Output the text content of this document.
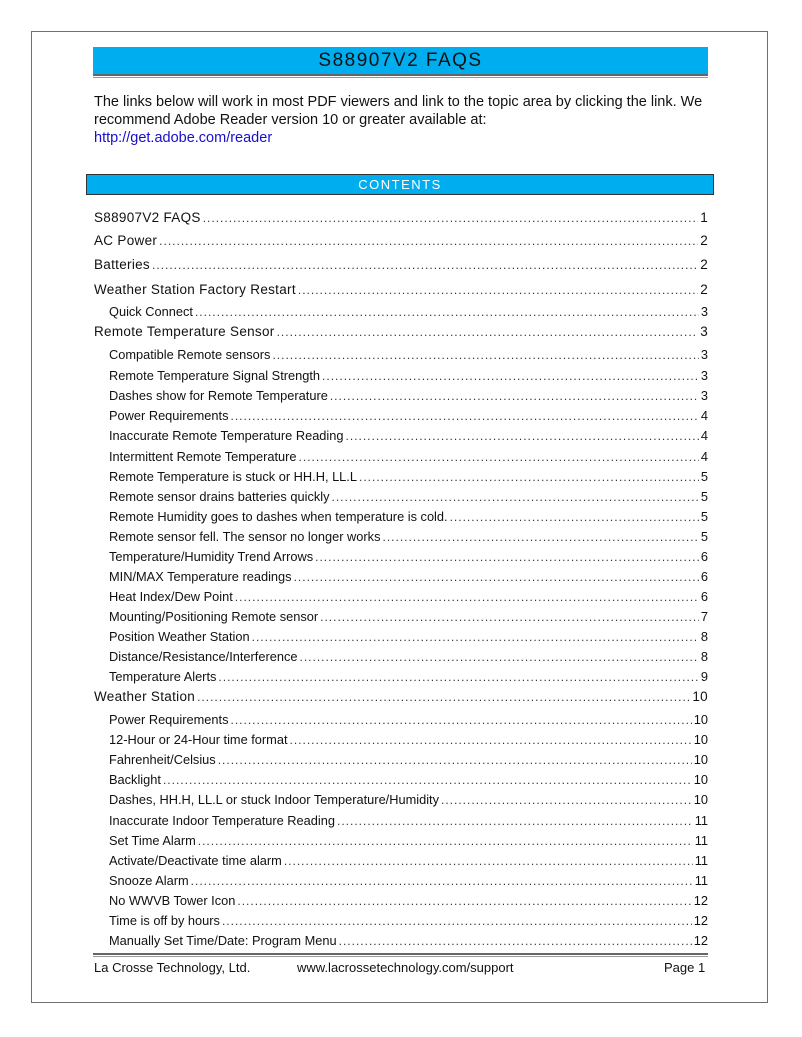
S88907V2 FAQS
The links below will work in most PDF viewers and link to the topic area by clicking the link. We recommend Adobe Reader version 10 or greater available at:
http://get.adobe.com/reader
CONTENTS
S88907V2 FAQS .....	1
AC Power .....	2
Batteries .....	2
Weather Station Factory Restart .....	2
Quick Connect .....	3
Remote Temperature Sensor .....	3
Compatible Remote sensors .....	3
Remote Temperature Signal Strength .....	3
Dashes show for Remote Temperature .....	3
Power Requirements .....	4
Inaccurate Remote Temperature Reading .....	4
Intermittent Remote Temperature .....	4
Remote Temperature is stuck or HH.H, LL.L .....	5
Remote sensor drains batteries quickly .....	5
Remote Humidity goes to dashes when temperature is cold. .....	5
Remote sensor fell. The sensor no longer works .....	5
Temperature/Humidity Trend Arrows .....	6
MIN/MAX Temperature readings .....	6
Heat Index/Dew Point .....	6
Mounting/Positioning Remote sensor .....	7
Position Weather Station .....	8
Distance/Resistance/Interference .....	8
Temperature Alerts .....	9
Weather Station .....	10
Power Requirements .....	10
12-Hour or 24-Hour time format .....	10
Fahrenheit/Celsius .....	10
Backlight .....	10
Dashes, HH.H, LL.L or stuck Indoor Temperature/Humidity .....	10
Inaccurate Indoor Temperature Reading .....	11
Set Time Alarm .....	11
Activate/Deactivate time alarm .....	11
Snooze Alarm .....	11
No WWVB Tower Icon .....	12
Time is off by hours .....	12
Manually Set Time/Date: Program Menu .....	12
La Crosse Technology, Ltd.	www.lacrossetechnology.com/support	Page 1
